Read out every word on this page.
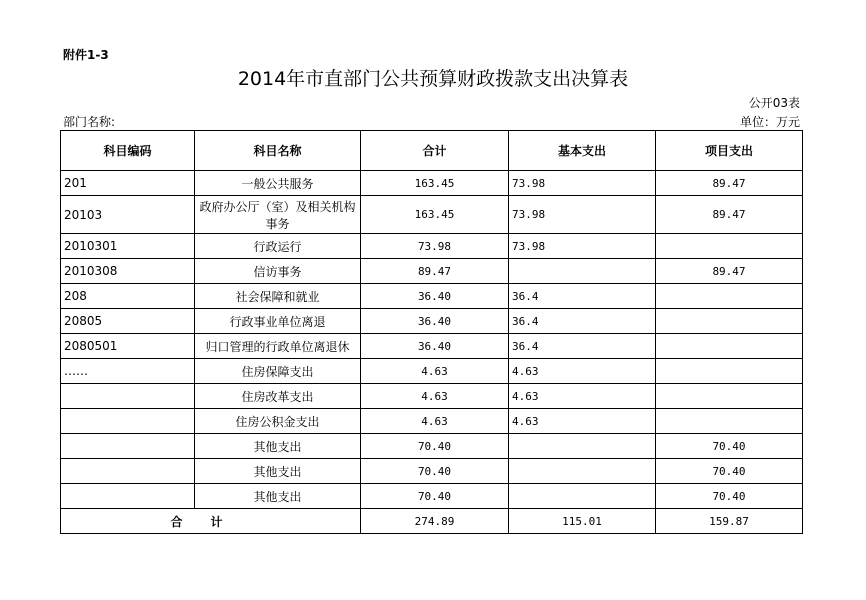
附件1-3
2014年市直部门公共预算财政拨款支出决算表
公开03表
部门名称:	单位：万元
科目编码	科目名称	合计	基本支出	项目支出
201	一般公共服务	163.45	73.98	89.47
20103	政府办公厅（室）及相关机构事务	163.45	73.98	89.47
2010301	行政运行	73.98	73.98	
2010308	信访事务	89.47		89.47
208	社会保障和就业	36.40	36.4	
20805	行政事业单位离退	36.40	36.4	
2080501	归口管理的行政单位离退休	36.40	36.4	
……	住房保障支出	4.63	4.63	
	住房改革支出	4.63	4.63	
	住房公积金支出	4.63	4.63	
	其他支出	70.40		70.40
	其他支出	70.40		70.40
	其他支出	70.40		70.40
合计		274.89	115.01	159.87
